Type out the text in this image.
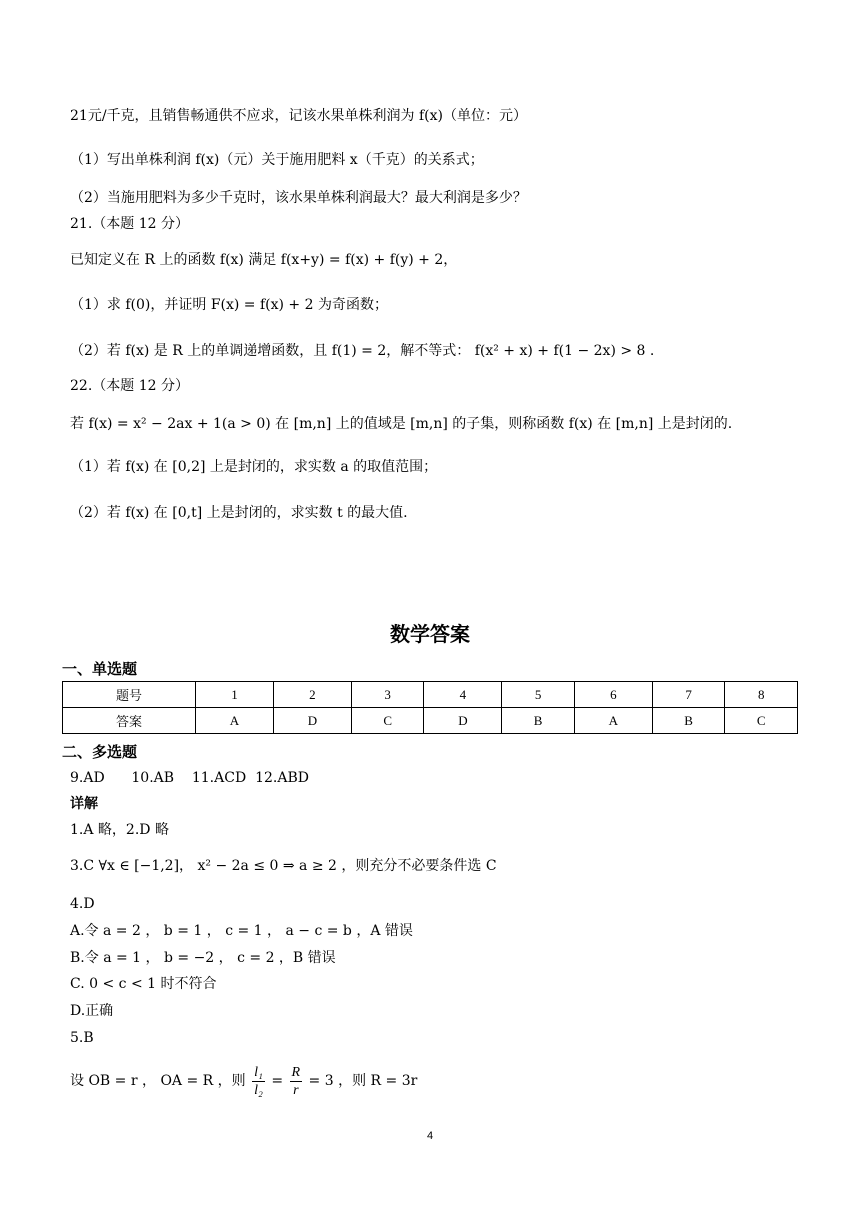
21元/千克，且销售畅通供不应求，记该水果单株利润为 f(x)（单位：元）
（1）写出单株利润 f(x)（元）关于施用肥料 x（千克）的关系式；
（2）当施用肥料为多少千克时，该水果单株利润最大？最大利润是多少？
21.（本题 12 分）
已知定义在 R 上的函数 f(x) 满足 f(x+y) = f(x) + f(y) + 2，
（1）求 f(0)，并证明 F(x) = f(x) + 2 为奇函数；
（2）若 f(x) 是 R 上的单调递增函数，且 f(1) = 2，解不等式： f(x² + x) + f(1 − 2x) > 8 .
22.（本题 12 分）
若 f(x) = x² − 2ax + 1(a > 0) 在 [m,n] 上的值域是 [m,n] 的子集，则称函数 f(x) 在 [m,n] 上是封闭的.
（1）若 f(x) 在 [0,2] 上是封闭的，求实数 a 的取值范围；
（2）若 f(x) 在 [0,t] 上是封闭的，求实数 t 的最大值.
数学答案
一、单选题
题号	1	2	3	4	5	6	7	8
答案	A	D	C	D	B	A	B	C
二、多选题
9.AD      10.AB    11.ACD  12.ABD
详解
1.A 略，2.D 略
3.C ∀x ∈ [−1,2]， x² − 2a ≤ 0 ⇒ a ≥ 2 ，则充分不必要条件选 C
4.D
A.令 a = 2 ， b = 1 ， c = 1 ， a − c = b ，A 错误
B.令 a = 1 ， b = −2 ， c = 2 ，B 错误
C. 0 < c < 1 时不符合
D.正确
5.B
设 OB = r ， OA = R ，则 $\frac{\text{l₁}}{\text{l₂}} = \frac{R}{r} = 3$ ，则 R = 3r
4
